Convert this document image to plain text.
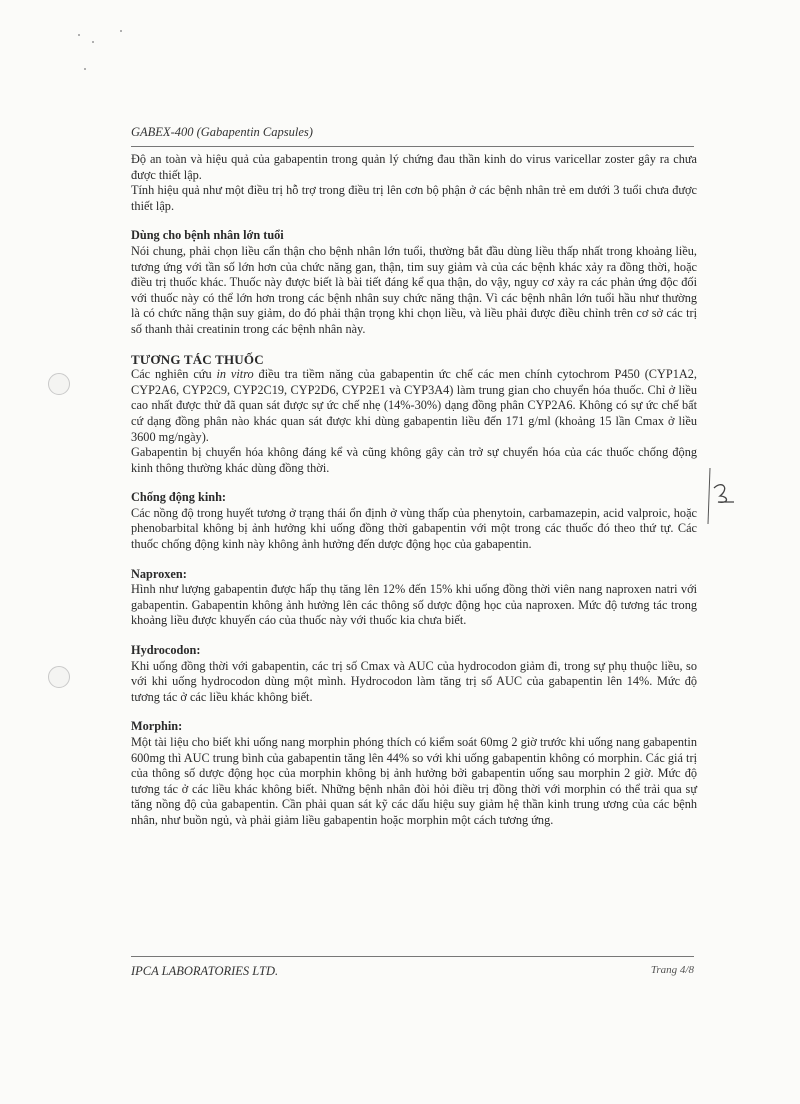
GABEX-400 (Gabapentin Capsules)

Độ an toàn và hiệu quả của gabapentin trong quản lý chứng đau thần kinh do virus varicellar zoster gây ra chưa được thiết lập.

Tính hiệu quả như một điều trị hỗ trợ trong điều trị lên cơn bộ phận ở các bệnh nhân trẻ em dưới 3 tuổi chưa được thiết lập.

Dùng cho bệnh nhân lớn tuổi

Nói chung, phải chọn liều cẩn thận cho bệnh nhân lớn tuổi, thường bắt đầu dùng liều thấp nhất trong khoảng liều, tương ứng với tần số lớn hơn của chức năng gan, thận, tim suy giảm và của các bệnh khác xảy ra đồng thời, hoặc điều trị thuốc khác. Thuốc này được biết là bài tiết đáng kể qua thận, do vậy, nguy cơ xảy ra các phản ứng độc đối với thuốc này có thể lớn hơn trong các bệnh nhân suy chức năng thận. Vì các bệnh nhân lớn tuổi hầu như thường là có chức năng thận suy giảm, do đó phải thận trọng khi chọn liều, và liều phải được điều chỉnh trên cơ sở các trị số thanh thải creatinin trong các bệnh nhân này.

TƯƠNG TÁC THUỐC

Các nghiên cứu in vitro điều tra tiềm năng của gabapentin ức chế các men chính cytochrom P450 (CYP1A2, CYP2A6, CYP2C9, CYP2C19, CYP2D6, CYP2E1 và CYP3A4) làm trung gian cho chuyển hóa thuốc. Chỉ ở liều cao nhất được thử đã quan sát được sự ức chế nhẹ (14%-30%) dạng đồng phân CYP2A6. Không có sự ức chế bất cứ dạng đồng phân nào khác quan sát được khi dùng gabapentin liều đến 171 g/ml (khoảng 15 lần Cmax ở liều 3600 mg/ngày).

Gabapentin bị chuyển hóa không đáng kể và cũng không gây cản trở sự chuyển hóa của các thuốc chống động kinh thông thường khác dùng đồng thời.

Chống động kinh:

Các nồng độ trong huyết tương ở trạng thái ổn định ở vùng thấp của phenytoin, carbamazepin, acid valproic, hoặc phenobarbital không bị ảnh hưởng khi uống đồng thời gabapentin với một trong các thuốc đó theo thứ tự. Các thuốc chống động kinh này không ảnh hưởng đến dược động học của gabapentin.

Naproxen:

Hình như lượng gabapentin được hấp thụ tăng lên 12% đến 15% khi uống đồng thời viên nang naproxen natri với gabapentin. Gabapentin không ảnh hưởng lên các thông số dược động học của naproxen. Mức độ tương tác trong khoảng liều được khuyến cáo của thuốc này với thuốc kia chưa biết.

Hydrocodon:

Khi uống đồng thời với gabapentin, các trị số Cmax và AUC của hydrocodon giảm đi, trong sự phụ thuộc liều, so với khi uống hydrocodon dùng một mình. Hydrocodon làm tăng trị số AUC của gabapentin lên 14%. Mức độ tương tác ở các liều khác không biết.

Morphin:

Một tài liệu cho biết khi uống nang morphin phóng thích có kiểm soát 60mg 2 giờ trước khi uống nang gabapentin 600mg thì AUC trung bình của gabapentin tăng lên 44% so với khi uống gabapentin không có morphin. Các giá trị của thông số dược động học của morphin không bị ảnh hưởng bởi gabapentin uống sau morphin 2 giờ. Mức độ tương tác ở các liều khác không biết. Những bệnh nhân đòi hỏi điều trị đồng thời với morphin có thể trải qua sự tăng nồng độ của gabapentin. Cần phải quan sát kỹ các dấu hiệu suy giảm hệ thần kinh trung ương của các bệnh nhân, như buồn ngủ, và phải giảm liều gabapentin hoặc morphin một cách tương ứng.

IPCA LABORATORIES LTD.	Trang 4/8
